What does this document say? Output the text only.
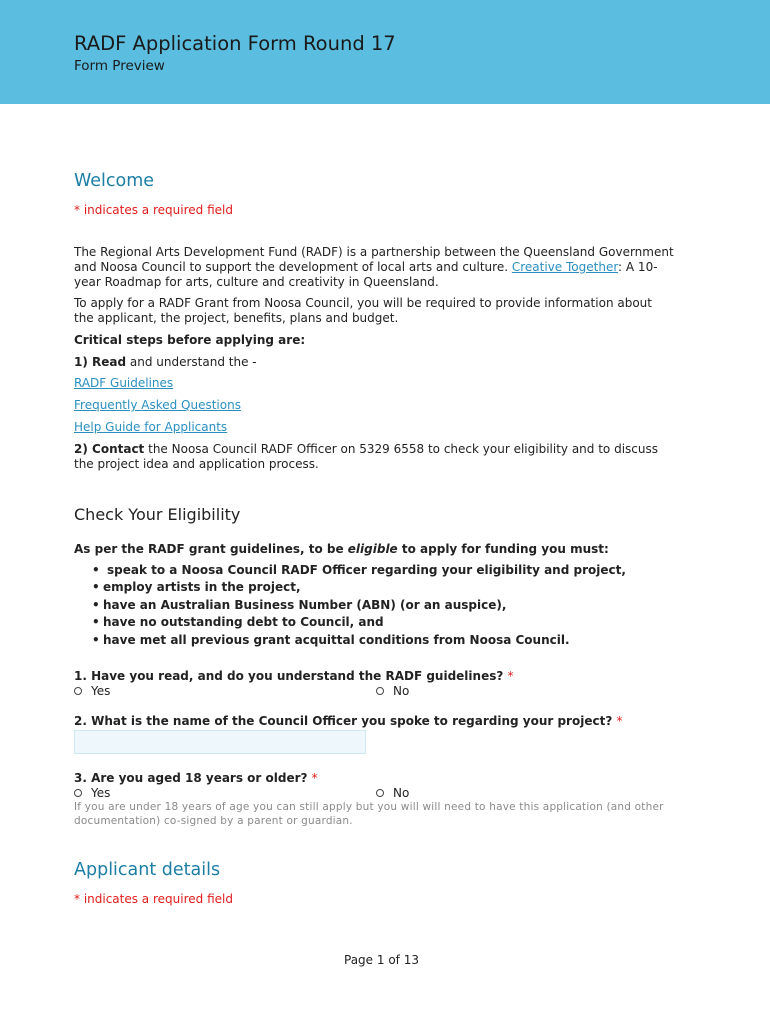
RADF Application Form Round 17
Form Preview
Welcome
* indicates a required field
The Regional Arts Development Fund (RADF) is a partnership between the Queensland Government and Noosa Council to support the development of local arts and culture. Creative Together: A 10-year Roadmap for arts, culture and creativity in Queensland.
To apply for a RADF Grant from Noosa Council, you will be required to provide information about the applicant, the project, benefits, plans and budget.
Critical steps before applying are:
1) Read and understand the -
RADF Guidelines
Frequently Asked Questions
Help Guide for Applicants
2) Contact the Noosa Council RADF Officer on 5329 6558 to check your eligibility and to discuss the project idea and application process.
Check Your Eligibility
As per the RADF grant guidelines, to be eligible to apply for funding you must:
• speak to a Noosa Council RADF Officer regarding your eligibility and project,
• employ artists in the project,
• have an Australian Business Number (ABN) (or an auspice),
• have no outstanding debt to Council, and
• have met all previous grant acquittal conditions from Noosa Council.
1. Have you read, and do you understand the RADF guidelines? *
Yes	No
2. What is the name of the Council Officer you spoke to regarding your project? *
3. Are you aged 18 years or older? *
Yes	No
If you are under 18 years of age you can still apply but you will will need to have this application (and other documentation) co-signed by a parent or guardian.
Applicant details
* indicates a required field
Page 1 of 13
